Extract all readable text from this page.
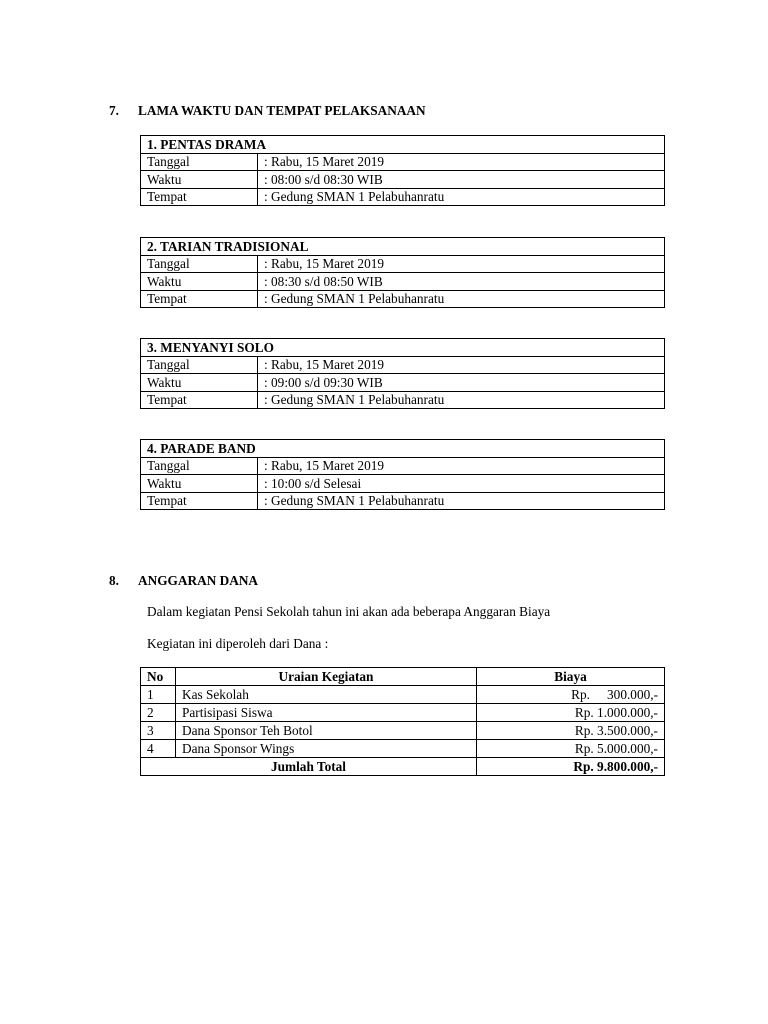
7. LAMA WAKTU DAN TEMPAT PELAKSANAAN
1. PENTAS DRAMA	
Tanggal	: Rabu, 15 Maret 2019
Waktu	: 08:00 s/d 08:30 WIB
Tempat	: Gedung SMAN 1 Pelabuhanratu
2. TARIAN TRADISIONAL	
Tanggal	: Rabu, 15 Maret 2019
Waktu	: 08:30 s/d 08:50 WIB
Tempat	: Gedung SMAN 1 Pelabuhanratu
3. MENYANYI SOLO	
Tanggal	: Rabu, 15 Maret 2019
Waktu	: 09:00 s/d 09:30 WIB
Tempat	: Gedung SMAN 1 Pelabuhanratu
4. PARADE BAND	
Tanggal	: Rabu, 15 Maret 2019
Waktu	: 10:00 s/d Selesai
Tempat	: Gedung SMAN 1 Pelabuhanratu
8. ANGGARAN DANA
Dalam kegiatan Pensi Sekolah tahun ini akan ada beberapa Anggaran Biaya
Kegiatan ini diperoleh dari Dana :
No	Uraian Kegiatan	Biaya
1	Kas Sekolah	Rp. 300.000,-
2	Partisipasi Siswa	Rp. 1.000.000,-
3	Dana Sponsor Teh Botol	Rp. 3.500.000,-
4	Dana Sponsor Wings	Rp. 5.000.000,-
Jumlah Total		Rp. 9.800.000,-
